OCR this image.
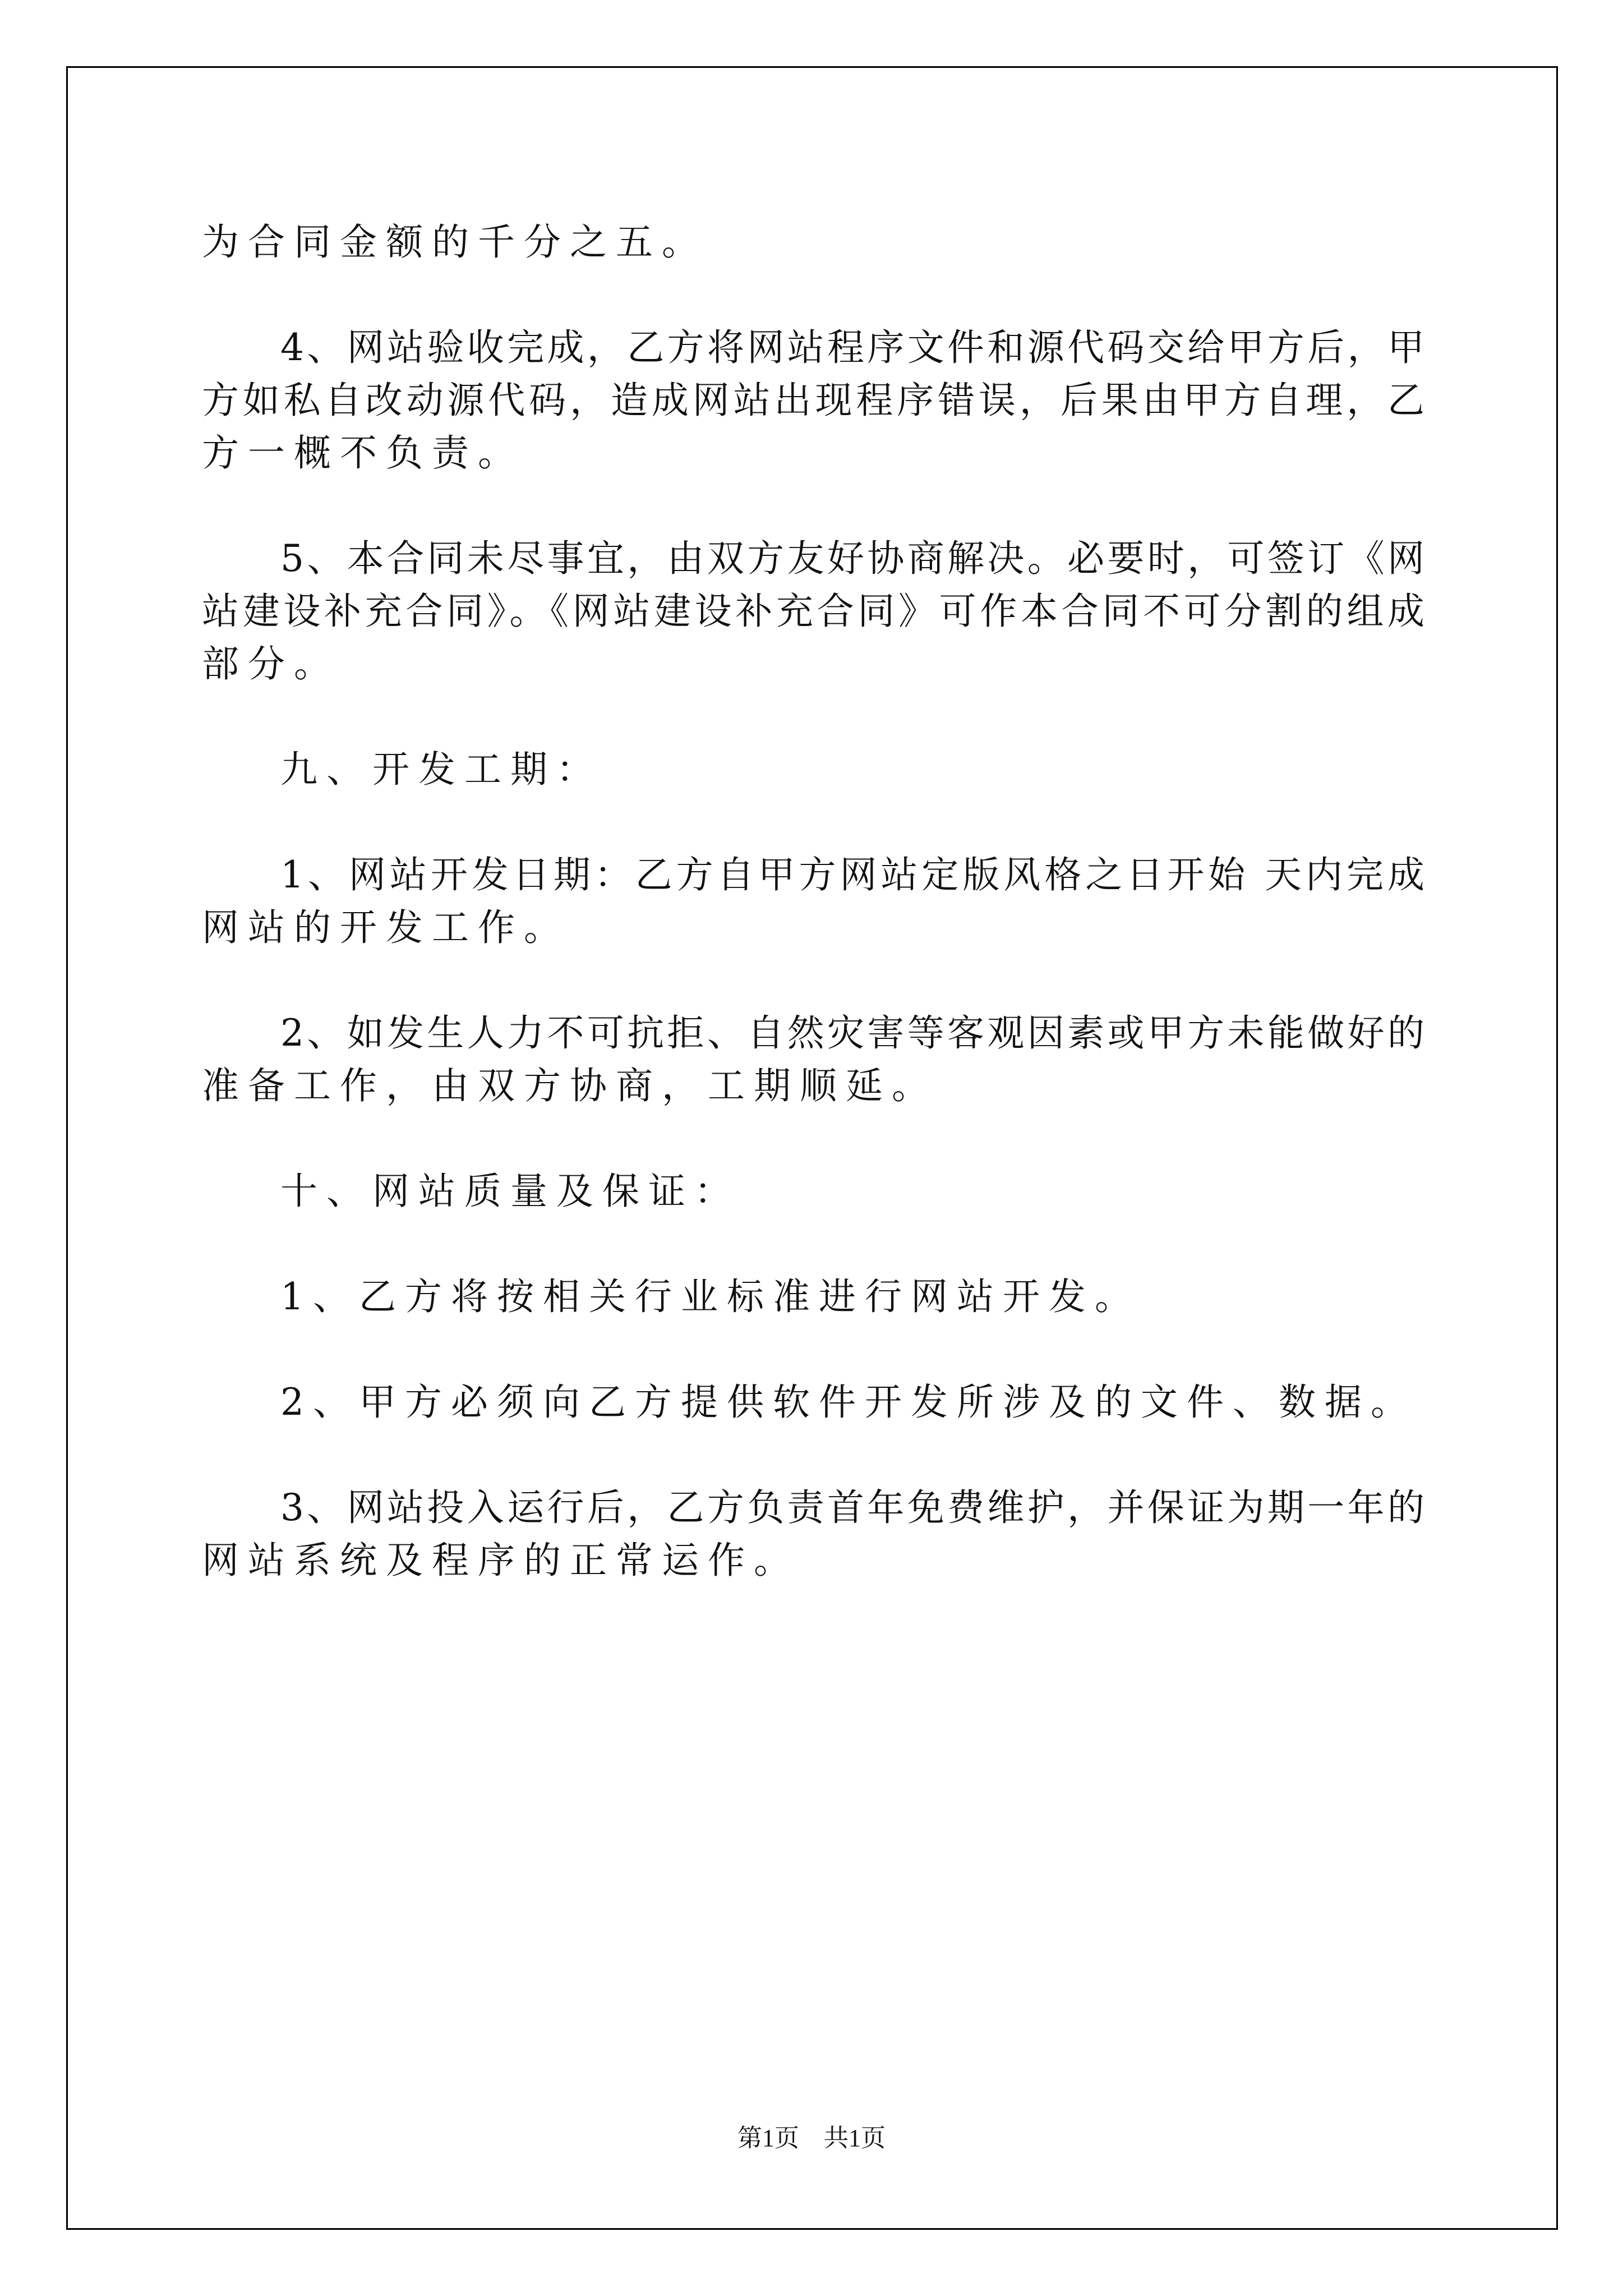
为合同金额的千分之五。

4、网站验收完成，乙方将网站程序文件和源代码交给甲方后，甲

方如私自改动源代码，造成网站出现程序错误，后果由甲方自理，乙

方一概不负责。

5、本合同未尽事宜，由双方友好协商解决。必要时，可签订《网

站建设补充合同》。《网站建设补充合同》可作本合同不可分割的组成

部分。

九、开发工期：

1、网站开发日期：乙方自甲方网站定版风格之日开始 天内完成

网站的开发工作。

2、如发生人力不可抗拒、自然灾害等客观因素或甲方未能做好的

准备工作，由双方协商，工期顺延。

十、网站质量及保证：

1、乙方将按相关行业标准进行网站开发。

2、甲方必须向乙方提供软件开发所涉及的文件、数据。

3、网站投入运行后，乙方负责首年免费维护，并保证为期一年的

网站系统及程序的正常运作。

第1页　共1页
